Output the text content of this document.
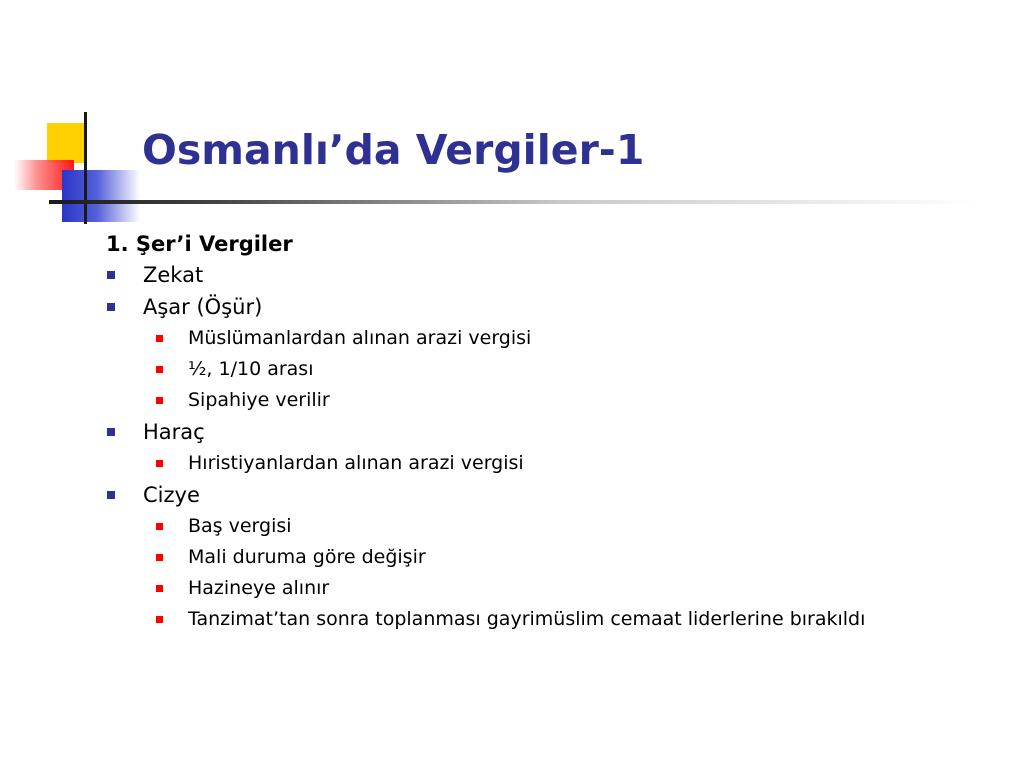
Osmanlı’da Vergiler-1
1. Şer’i Vergiler
Zekat
Aşar (Öşür)
Müslümanlardan alınan arazi vergisi
½, 1/10 arası
Sipahiye verilir
Haraç
Hıristiyanlardan alınan arazi vergisi
Cizye
Baş vergisi
Mali duruma göre değişir
Hazineye alınır
Tanzimat’tan sonra toplanması gayrimüslim cemaat liderlerine bırakıldı
